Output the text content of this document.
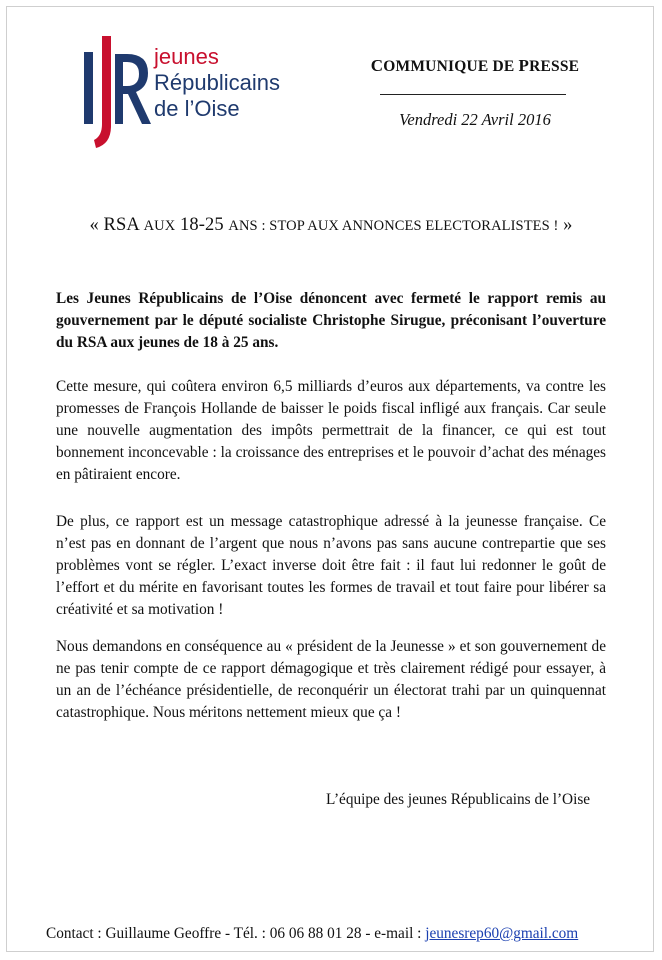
jeunes
Républicains
de l’Oise
COMMUNIQUE DE PRESSE
Vendredi 22 Avril 2016
« RSA AUX 18-25 ANS : STOP AUX ANNONCES ELECTORALISTES ! »
Les Jeunes Républicains de l’Oise dénoncent avec fermeté le rapport remis au gouvernement par le député socialiste Christophe Sirugue, préconisant l’ouverture du RSA aux jeunes de 18 à 25 ans.
Cette mesure, qui coûtera environ 6,5 milliards d’euros aux départements, va contre les promesses de François Hollande de baisser le poids fiscal infligé aux français. Car seule une nouvelle augmentation des impôts permettrait de la financer, ce qui est tout bonnement inconcevable : la croissance des entreprises et le pouvoir d’achat des ménages en pâtiraient encore.
De plus, ce rapport est un message catastrophique adressé à la jeunesse française. Ce n’est pas en donnant de l’argent que nous n’avons pas sans aucune contrepartie que ses problèmes vont se régler. L’exact inverse doit être fait : il faut lui redonner le goût de l’effort et du mérite en favorisant toutes les formes de travail et tout faire pour libérer sa créativité et sa motivation !
Nous demandons en conséquence au « président de la Jeunesse » et son gouvernement de ne pas tenir compte de ce rapport démagogique et très clairement rédigé pour essayer, à un an de l’échéance présidentielle, de reconquérir un électorat trahi par un quinquennat catastrophique. Nous méritons nettement mieux que ça !
L’équipe des jeunes Républicains de l’Oise
Contact : Guillaume Geoffre - Tél. : 06 06 88 01 28 - e-mail : jeunesrep60@gmail.com
